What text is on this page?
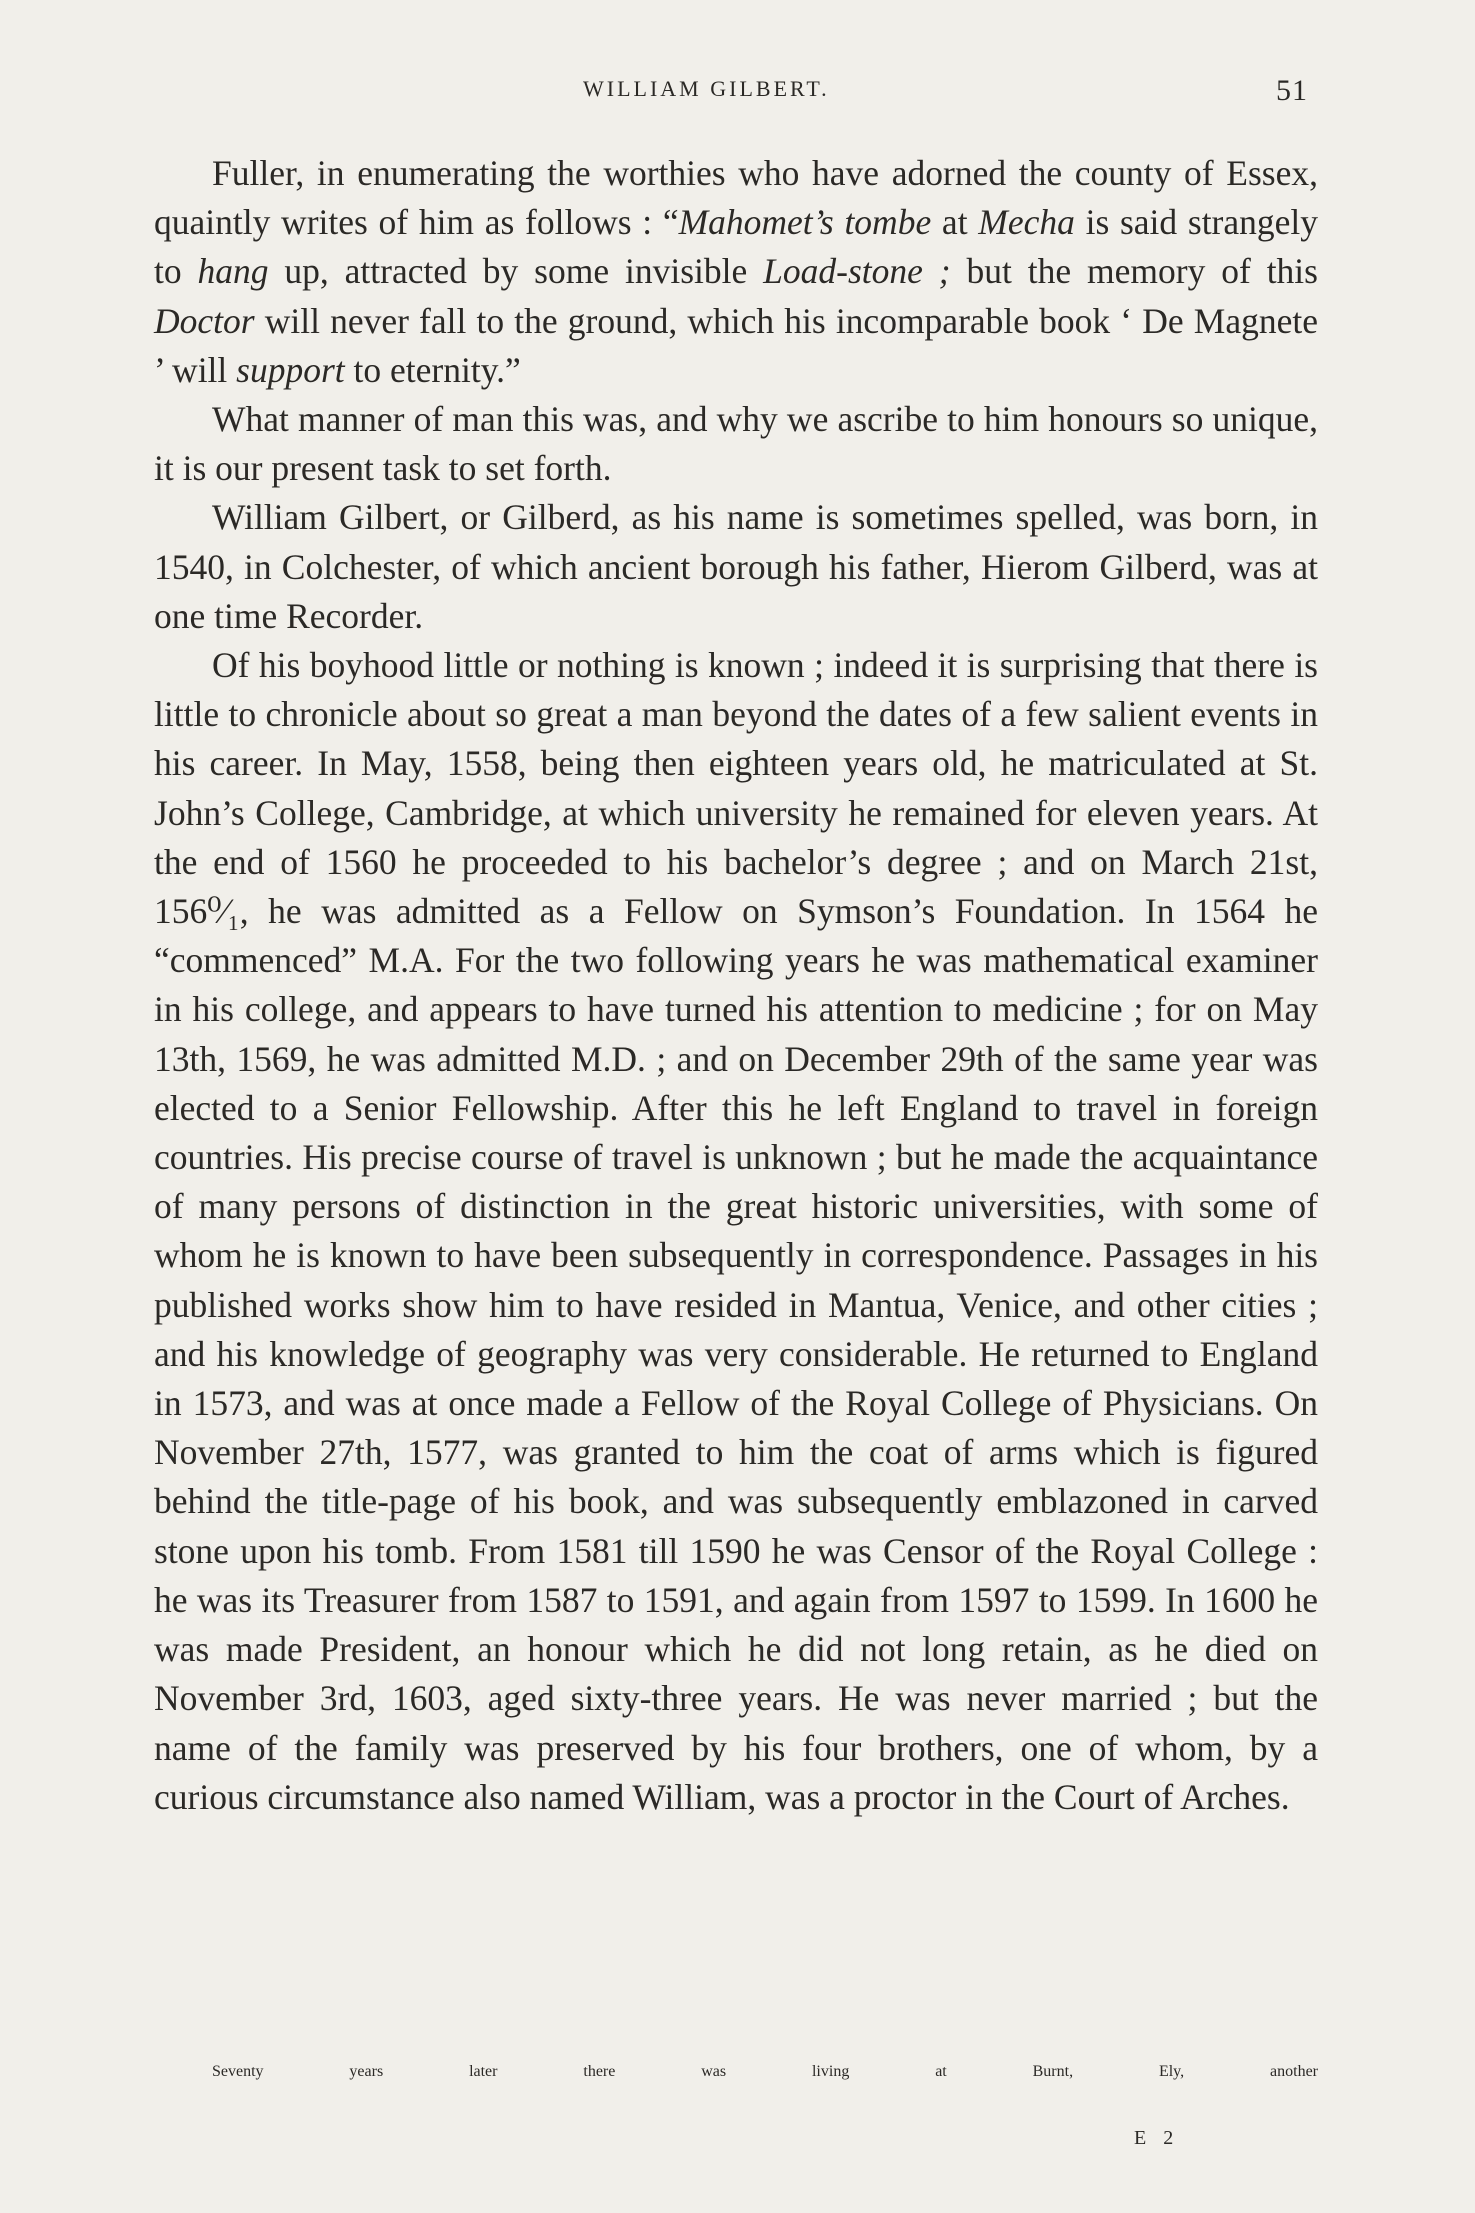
WILLIAM GILBERT.	51

Fuller, in enumerating the worthies who have adorned the county of Essex, quaintly writes of him as follows : “Mahomet’s tombe at Mecha is said strangely to hang up, attracted by some invisible Load-stone ; but the memory of this Doctor will never fall to the ground, which his incomparable book ‘ De Magnete ’ will support to eternity.”

What manner of man this was, and why we ascribe to him honours so unique, it is our present task to set forth.

William Gilbert, or Gilberd, as his name is sometimes spelled, was born, in 1540, in Colchester, of which ancient borough his father, Hierom Gilberd, was at one time Recorder.

Of his boyhood little or nothing is known ; indeed it is surprising that there is little to chronicle about so great a man beyond the dates of a few salient events in his career. In May, 1558, being then eighteen years old, he matriculated at St. John’s College, Cambridge, at which university he remained for eleven years. At the end of 1560 he proceeded to his bachelor’s degree ; and on March 21st, 156⁰⁄₁, he was admitted as a Fellow on Symson’s Foundation. In 1564 he “commenced” M.A. For the two following years he was mathematical examiner in his college, and appears to have turned his attention to medicine ; for on May 13th, 1569, he was admitted M.D. ; and on December 29th of the same year was elected to a Senior Fellowship. After this he left England to travel in foreign countries. His precise course of travel is unknown ; but he made the acquaintance of many persons of distinction in the great historic universities, with some of whom he is known to have been subsequently in correspondence. Passages in his published works show him to have resided in Mantua, Venice, and other cities ; and his knowledge of geography was very considerable. He returned to England in 1573, and was at once made a Fellow of the Royal College of Physicians. On November 27th, 1577, was granted to him the coat of arms which is figured behind the title-page of his book, and was subsequently emblazoned in carved stone upon his tomb. From 1581 till 1590 he was Censor of the Royal College : he was its Treasurer from 1587 to 1591, and again from 1597 to 1599. In 1600 he was made President, an honour which he did not long retain, as he died on November 3rd, 1603, aged sixty-three years. He was never married ; but the name of the family was preserved by his four brothers, one of whom, by a curious circumstance also named William, was a proctor in the Court of Arches.

Seventy years later there was living at Burnt, Ely, another

E 2
